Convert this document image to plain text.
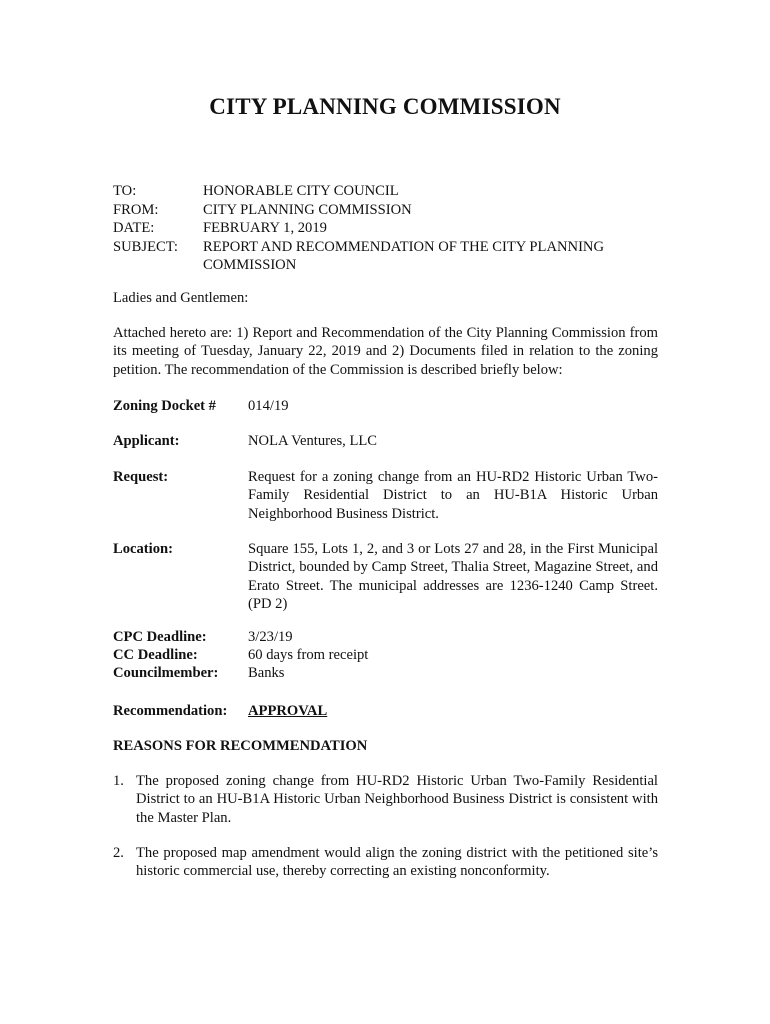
CITY PLANNING COMMISSION
TO:	HONORABLE CITY COUNCIL
FROM:	CITY PLANNING COMMISSION
DATE:	FEBRUARY 1, 2019
SUBJECT:	REPORT AND RECOMMENDATION OF THE CITY PLANNING COMMISSION
Ladies and Gentlemen:
Attached hereto are: 1) Report and Recommendation of the City Planning Commission from its meeting of Tuesday, January 22, 2019 and 2) Documents filed in relation to the zoning petition. The recommendation of the Commission is described briefly below:
Zoning Docket #	014/19
Applicant:	NOLA Ventures, LLC
Request:	Request for a zoning change from an HU-RD2 Historic Urban Two-Family Residential District to an HU-B1A Historic Urban Neighborhood Business District.
Location:	Square 155, Lots 1, 2, and 3 or Lots 27 and 28, in the First Municipal District, bounded by Camp Street, Thalia Street, Magazine Street, and Erato Street. The municipal addresses are 1236-1240 Camp Street. (PD 2)
CPC Deadline:	3/23/19
CC Deadline:	60 days from receipt
Councilmember:	Banks
Recommendation:	APPROVAL
REASONS FOR RECOMMENDATION
1. The proposed zoning change from HU-RD2 Historic Urban Two-Family Residential District to an HU-B1A Historic Urban Neighborhood Business District is consistent with the Master Plan.
2. The proposed map amendment would align the zoning district with the petitioned site’s historic commercial use, thereby correcting an existing nonconformity.
